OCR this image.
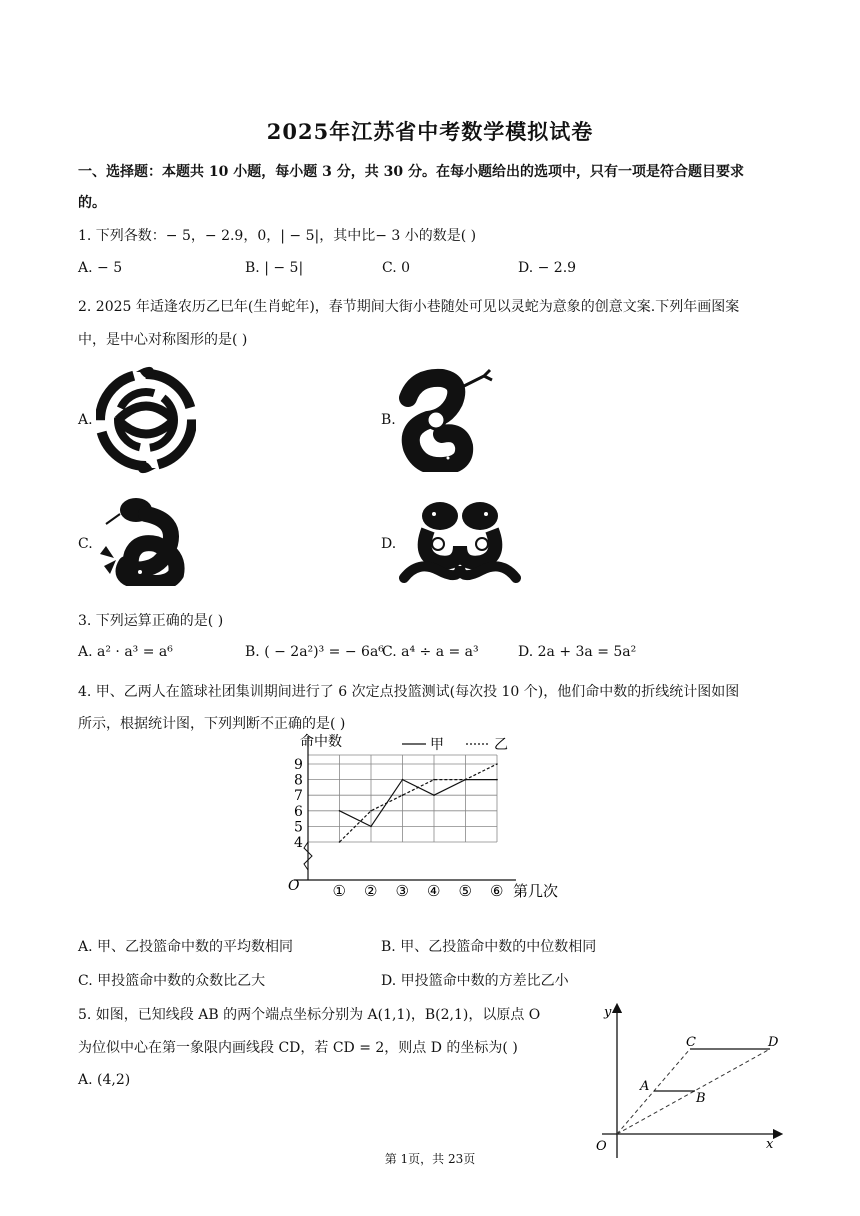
2025年江苏省中考数学模拟试卷
一、选择题：本题共 10 小题，每小题 3 分，共 30 分。在每小题给出的选项中，只有一项是符合题目要求
的。
1. 下列各数：− 5，− 2.9，0，| − 5|，其中比− 3 小的数是( )
A. − 5	B. | − 5|	C. 0	D. − 2.9
2. 2025 年适逢农历乙巳年(生肖蛇年)，春节期间大街小巷随处可见以灵蛇为意象的创意文案.下列年画图案
中，是中心对称图形的是( )
A.	B.
C.	D.
3. 下列运算正确的是( )
A. a² · a³ = a⁶	B. ( − 2a²)³ = − 6a⁶
C. a⁴ ÷ a = a³	D. 2a + 3a = 5a²
4. 甲、乙两人在篮球社团集训期间进行了 6 次定点投篮测试(每次投 10 个)，他们命中数的折线统计图如图
所示，根据统计图，下列判断不正确的是( )
4
5
6
7
8
9
① ② ③ ④ ⑤ ⑥
命中数
第几次
O
甲	乙
A. 甲、乙投篮命中数的平均数相同	B. 甲、乙投篮命中数的中位数相同
C. 甲投篮命中数的众数比乙大	D. 甲投篮命中数的方差比乙小
5. 如图，已知线段 AB 的两个端点坐标分别为 A(1,1)，B(2,1)，以原点 O
为位似中心在第一象限内画线段 CD，若 CD = 2，则点 D 的坐标为( )
A. (4,2)
y
x
O
A
B
C	D
第 1页，共 23页
